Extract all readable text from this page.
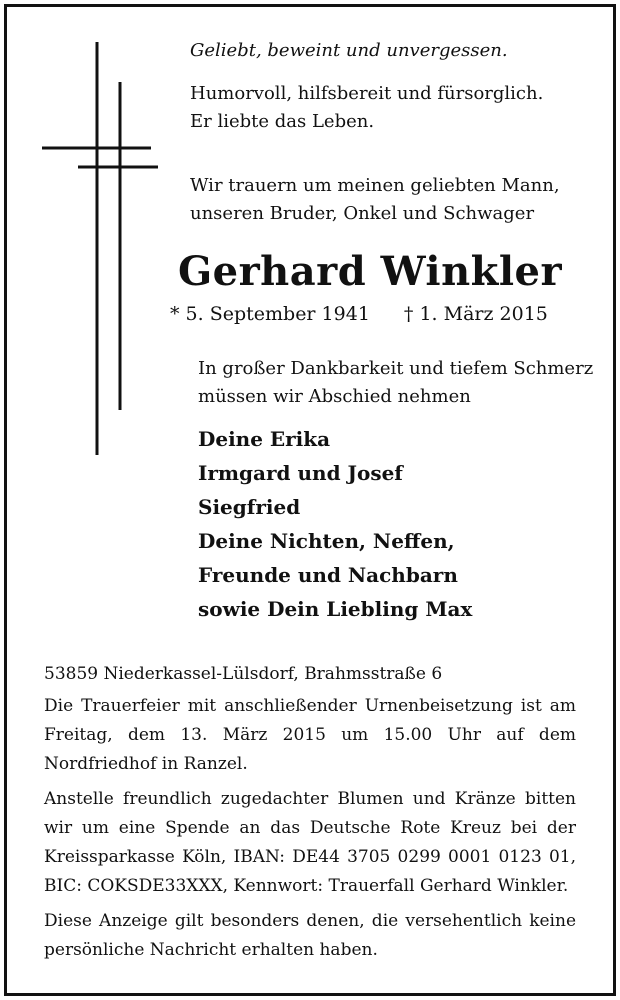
Geliebt, beweint und unvergessen.
Humorvoll, hilfsbereit und fürsorglich.
Er liebte das Leben.
Wir trauern um meinen geliebten Mann,
unseren Bruder, Onkel und Schwager
Gerhard Winkler
* 5. September 1941 † 1. März 2015
In großer Dankbarkeit und tiefem Schmerz
müssen wir Abschied nehmen
Deine Erika
Irmgard und Josef
Siegfried
Deine Nichten, Neffen,
Freunde und Nachbarn
sowie Dein Liebling Max
53859 Niederkassel-Lülsdorf, Brahmsstraße 6

Die Trauerfeier mit anschließender Urnenbeisetzung ist am Freitag, dem 13. März 2015 um 15.00 Uhr auf dem Nordfriedhof in Ranzel.

Anstelle freundlich zugedachter Blumen und Kränze bitten wir um eine Spende an das Deutsche Rote Kreuz bei der Kreissparkasse Köln, IBAN: DE44 3705 0299 0001 0123 01, BIC: COKSDE33XXX, Kennwort: Trauerfall Gerhard Winkler.

Diese Anzeige gilt besonders denen, die versehentlich keine persönliche Nachricht erhalten haben.
